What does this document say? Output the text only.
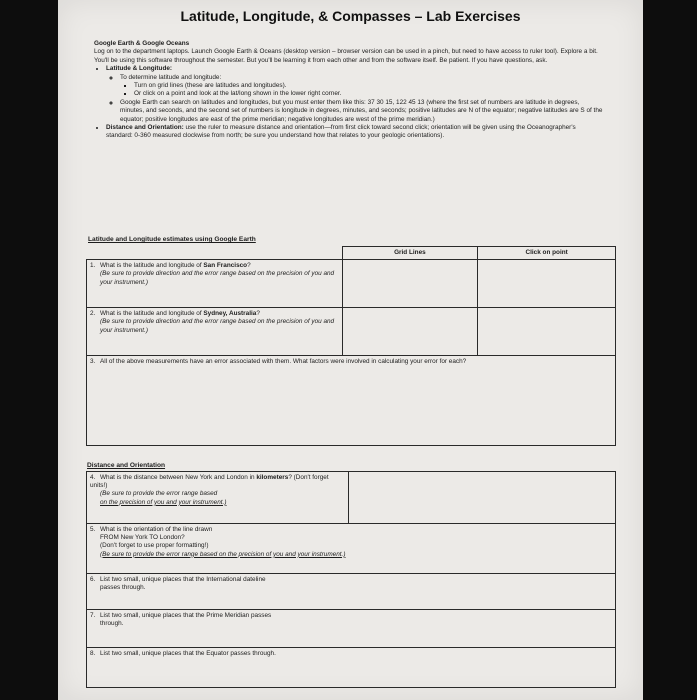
Latitude, Longitude, & Compasses – Lab Exercises
Google Earth & Google Oceans
Log on to the department laptops. Launch Google Earth & Oceans (desktop version – browser version can be used in a pinch, but need to have access to ruler tool). Explore a bit. You'll be using this software throughout the semester. But you'll be learning it from each other and from the software itself. Be patient. If you have questions, ask.
• Latitude & Longitude:
◦ To determine latitude and longitude:
▪ Turn on grid lines (these are latitudes and longitudes).
▪ Or click on a point and look at the lat/long shown in the lower right corner.
◦ Google Earth can search on latitudes and longitudes, but you must enter them like this: 37 30 15, 122 45 13 (where the first set of numbers are latitude in degrees, minutes, and seconds, and the second set of numbers is longitude in degrees, minutes, and seconds; positive latitudes are N of the equator; negative latitudes are S of the equator; positive longitudes are east of the prime meridian; negative longitudes are west of the prime meridian.)
• Distance and Orientation: use the ruler to measure distance and orientation—from first click toward second click; orientation will be given using the Oceanographer's standard: 0-360 measured clockwise from north; be sure you understand how that relates to your geologic orientations).
Latitude and Longitude estimates using Google Earth
	Grid Lines	Click on point
1. What is the latitude and longitude of San Francisco?

(Be sure to provide direction and the error range based on the precision of you and your instrument.)		

2. What is the latitude and longitude of Sydney, Australia?

(Be sure to provide direction and the error range based on the precision of you and your instrument.)		

3. All of the above measurements have an error associated with them. What factors were involved in calculating your error for each?		
Distance and Orientation
4. What is the distance between New York and London in kilometers? (Don't forget units!)
(Be sure to provide the error range based
on the precision of you and your instrument.)	
5. What is the orientation of the line drawn
FROM New York TO London?
(Don't forget to use proper formatting!)
(Be sure to provide the error range based on the precision of you and your instrument.)
6. List two small, unique places that the International dateline passes through.
7. List two small, unique places that the Prime Meridian passes through.
8. List two small, unique places that the Equator passes through.
